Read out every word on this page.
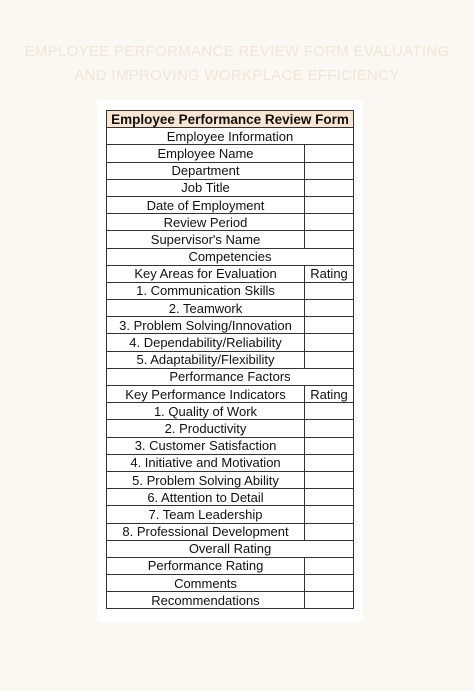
EMPLOYEE PERFORMANCE REVIEW FORM EVALUATING
AND IMPROVING WORKPLACE EFFICIENCY
Employee Performance Review Form	
Employee Information	
Employee Name	
Department	
Job Title	
Date of Employment	
Review Period	
Supervisor's Name	
Competencies	
Key Areas for Evaluation	Rating
1. Communication Skills	
2. Teamwork	
3. Problem Solving/Innovation	
4. Dependability/Reliability	
5. Adaptability/Flexibility	
Performance Factors	
Key Performance Indicators	Rating
1. Quality of Work	
2. Productivity	
3. Customer Satisfaction	
4. Initiative and Motivation	
5. Problem Solving Ability	
6. Attention to Detail	
7. Team Leadership	
8. Professional Development	
Overall Rating	
Performance Rating	
Comments	
Recommendations	
